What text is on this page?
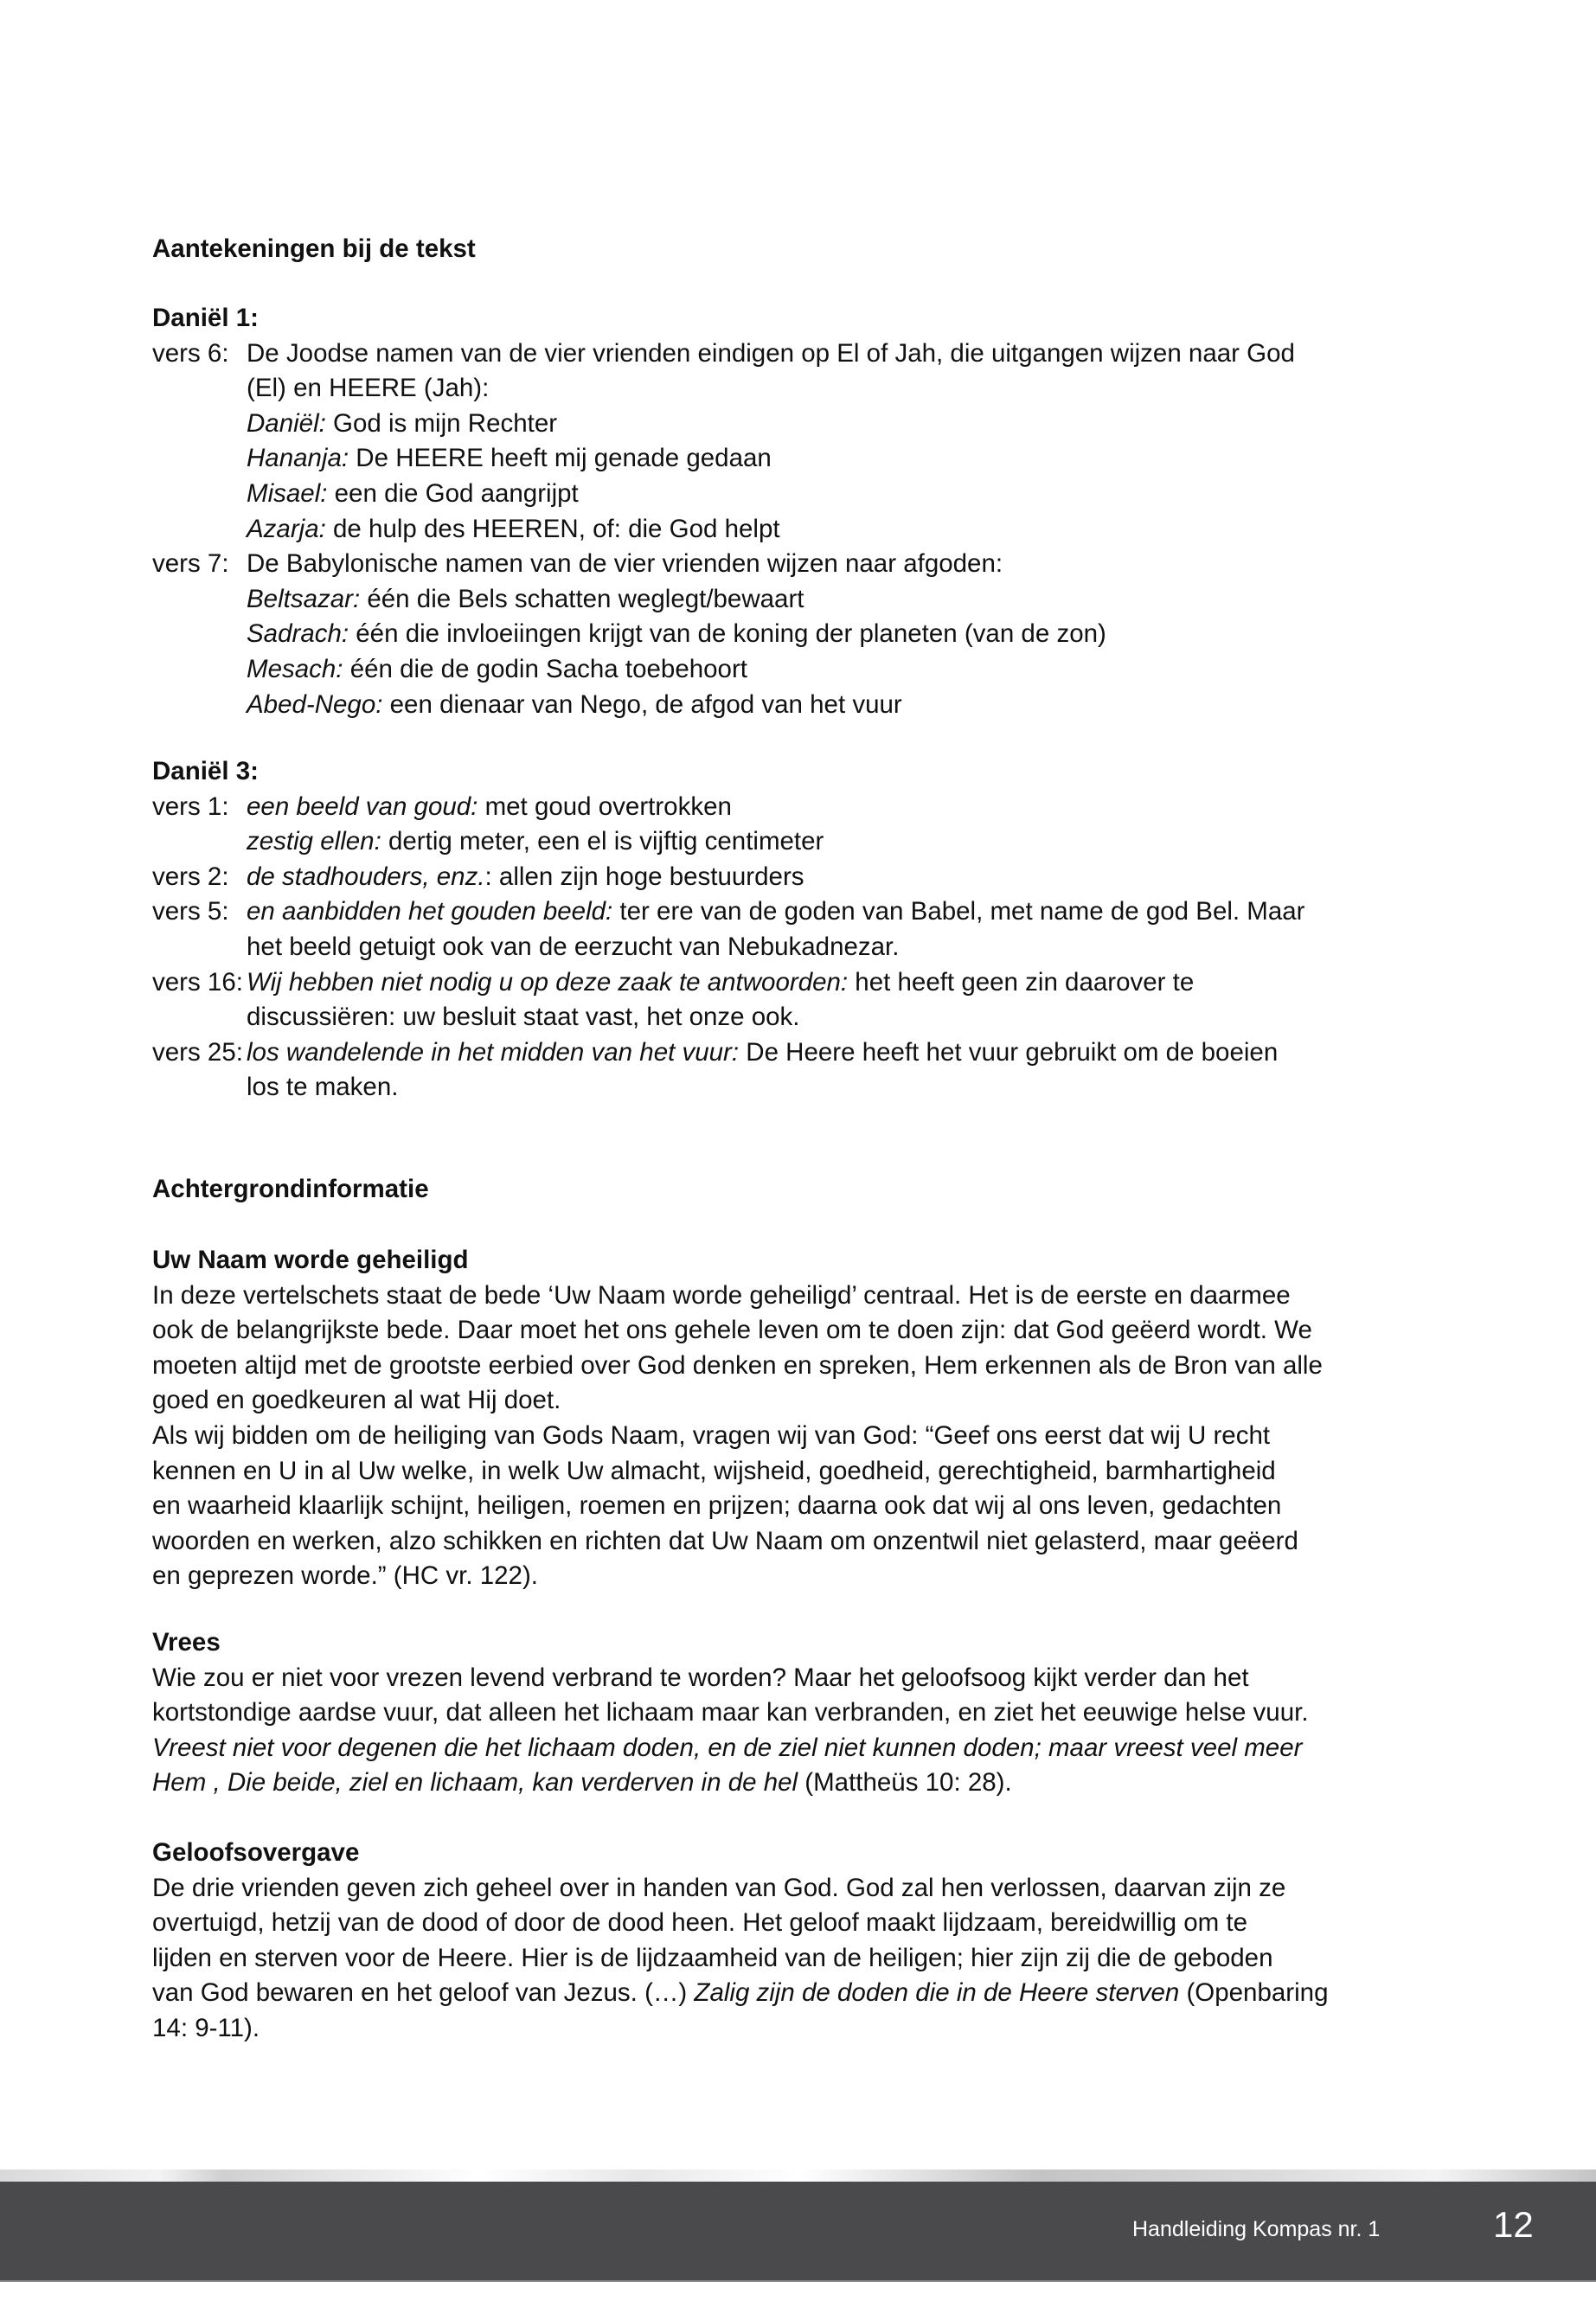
Aantekeningen bij de tekst
Daniël 1:
vers 6: De Joodse namen van de vier vrienden eindigen op El of Jah, die uitgangen wijzen naar God
(El) en HEERE (Jah):
Daniël: God is mijn Rechter
Hananja: De HEERE heeft mij genade gedaan
Misael: een die God aangrijpt
Azarja: de hulp des HEEREN, of: die God helpt
vers 7: De Babylonische namen van de vier vrienden wijzen naar afgoden:
Beltsazar: één die Bels schatten weglegt/bewaart
Sadrach: één die invloeiingen krijgt van de koning der planeten (van de zon)
Mesach: één die de godin Sacha toebehoort
Abed-Nego: een dienaar van Nego, de afgod van het vuur
Daniël 3:
vers 1: een beeld van goud: met goud overtrokken
zestig ellen: dertig meter, een el is vijftig centimeter
vers 2: de stadhouders, enz.: allen zijn hoge bestuurders
vers 5: en aanbidden het gouden beeld: ter ere van de goden van Babel, met name de god Bel. Maar
het beeld getuigt ook van de eerzucht van Nebukadnezar.
vers 16: Wij hebben niet nodig u op deze zaak te antwoorden: het heeft geen zin daarover te
discussiëren: uw besluit staat vast, het onze ook.
vers 25: los wandelende in het midden van het vuur: De Heere heeft het vuur gebruikt om de boeien
los te maken.
Achtergrondinformatie
Uw Naam worde geheiligd
In deze vertelschets staat de bede ‘Uw Naam worde geheiligd’ centraal. Het is de eerste en daarmee
ook de belangrijkste bede. Daar moet het ons gehele leven om te doen zijn: dat God geëerd wordt. We
moeten altijd met de grootste eerbied over God denken en spreken, Hem erkennen als de Bron van alle
goed en goedkeuren al wat Hij doet.
Als wij bidden om de heiliging van Gods Naam, vragen wij van God: “Geef ons eerst dat wij U recht
kennen en U in al Uw welke, in welk Uw almacht, wijsheid, goedheid, gerechtigheid, barmhartigheid
en waarheid klaarlijk schijnt, heiligen, roemen en prijzen; daarna ook dat wij al ons leven, gedachten
woorden en werken, alzo schikken en richten dat Uw Naam om onzentwil niet gelasterd, maar geëerd
en geprezen worde.” (HC vr. 122).
Vrees
Wie zou er niet voor vrezen levend verbrand te worden? Maar het geloofsoog kijkt verder dan het
kortstondige aardse vuur, dat alleen het lichaam maar kan verbranden, en ziet het eeuwige helse vuur.
Vreest niet voor degenen die het lichaam doden, en de ziel niet kunnen doden; maar vreest veel meer
Hem , Die beide, ziel en lichaam, kan verderven in de hel (Mattheüs 10: 28).
Geloofsovergave
De drie vrienden geven zich geheel over in handen van God. God zal hen verlossen, daarvan zijn ze
overtuigd, hetzij van de dood of door de dood heen. Het geloof maakt lijdzaam, bereidwillig om te
lijden en sterven voor de Heere. Hier is de lijdzaamheid van de heiligen; hier zijn zij die de geboden
van God bewaren en het geloof van Jezus. (…) Zalig zijn de doden die in de Heere sterven (Openbaring
14: 9-11).
Handleiding Kompas nr. 1	12
